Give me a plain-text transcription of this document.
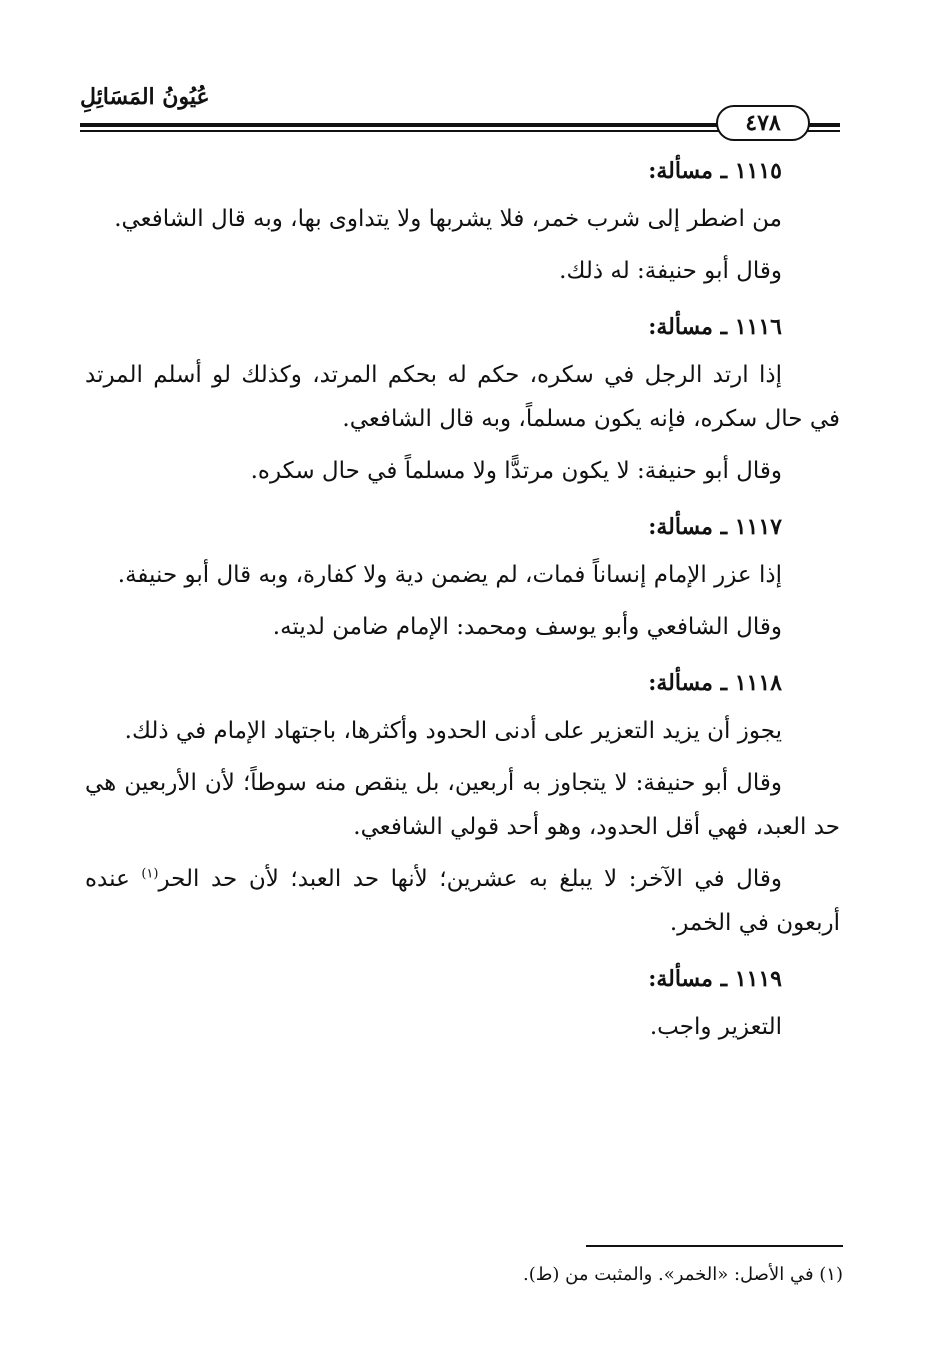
عُيُونُ المَسَائِلِ
٤٧٨

١١١٥ ـ مسألة:

من اضطر إلى شرب خمر، فلا يشربها ولا يتداوى بها، وبه قال الشافعي.

وقال أبو حنيفة: له ذلك.

١١١٦ ـ مسألة:

إذا ارتد الرجل في سكره، حكم له بحكم المرتد، وكذلك لو أسلم المرتد في حال سكره، فإنه يكون مسلماً، وبه قال الشافعي.

وقال أبو حنيفة: لا يكون مرتدًّا ولا مسلماً في حال سكره.

١١١٧ ـ مسألة:

إذا عزر الإمام إنساناً فمات، لم يضمن دية ولا كفارة، وبه قال أبو حنيفة.

وقال الشافعي وأبو يوسف ومحمد: الإمام ضامن لديته.

١١١٨ ـ مسألة:

يجوز أن يزيد التعزير على أدنى الحدود وأكثرها، باجتهاد الإمام في ذلك.

وقال أبو حنيفة: لا يتجاوز به أربعين، بل ينقص منه سوطاً؛ لأن الأربعين هي حد العبد، فهي أقل الحدود، وهو أحد قولي الشافعي.

وقال في الآخر: لا يبلغ به عشرين؛ لأنها حد العبد؛ لأن حد الحر$^{(١)}$ عنده أربعون في الخمر.

١١١٩ ـ مسألة:

التعزير واجب.

(١) في الأصل: «الخمر». والمثبت من (ط).
